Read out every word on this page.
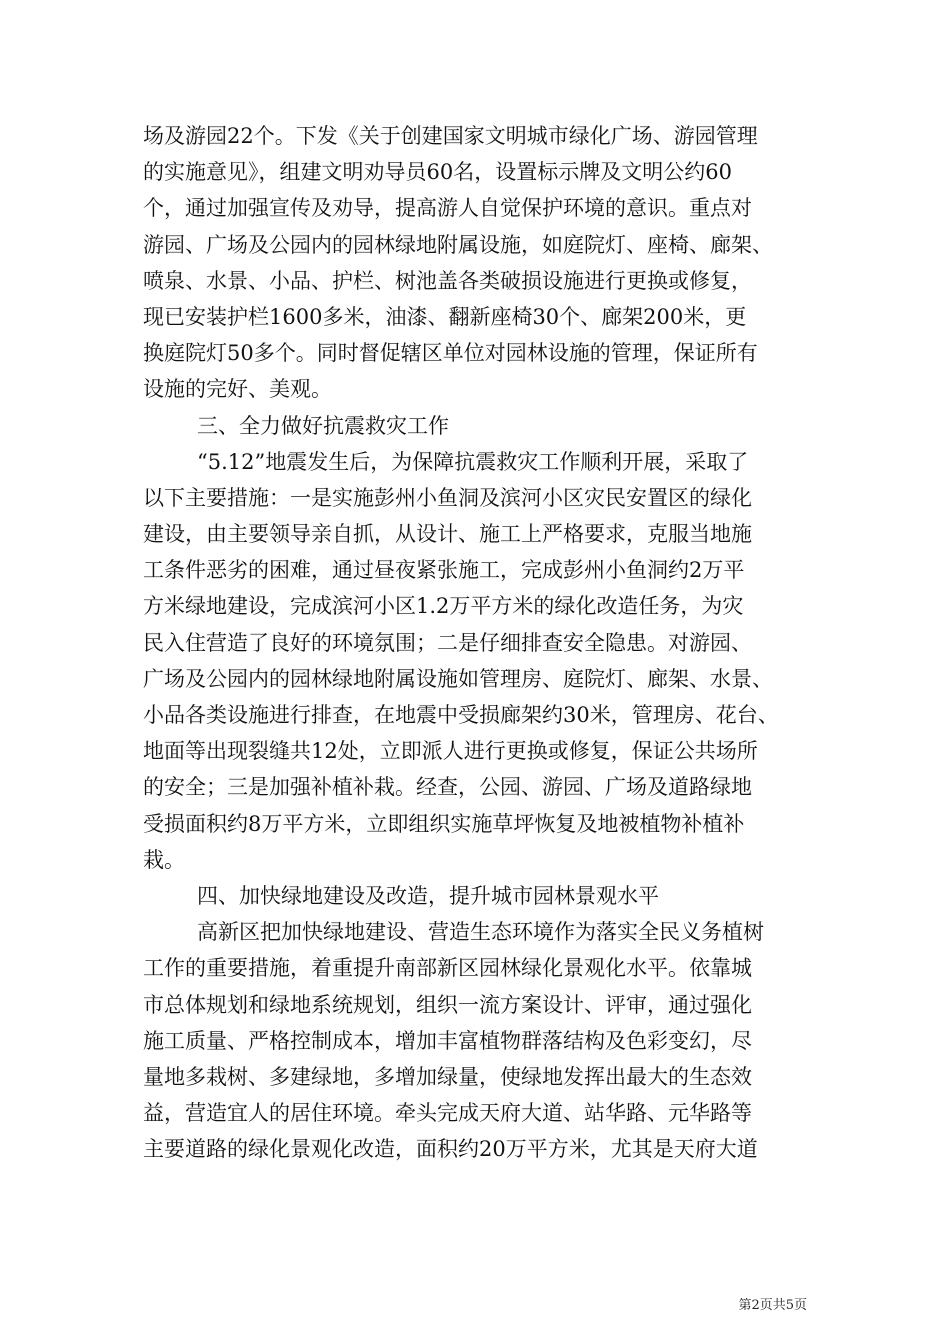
场及游园22个。下发《关于创建国家文明城市绿化广场、游园管理
的实施意见》，组建文明劝导员60名，设置标示牌及文明公约60
个，通过加强宣传及劝导，提高游人自觉保护环境的意识。重点对
游园、广场及公园内的园林绿地附属设施，如庭院灯、座椅、廊架、
喷泉、水景、小品、护栏、树池盖各类破损设施进行更换或修复，
现已安装护栏1600多米，油漆、翻新座椅30个、廊架200米，更
换庭院灯50多个。同时督促辖区单位对园林设施的管理，保证所有
设施的完好、美观。
三、全力做好抗震救灾工作
“5.12”地震发生后，为保障抗震救灾工作顺利开展，采取了
以下主要措施：一是实施彭州小鱼洞及滨河小区灾民安置区的绿化
建设，由主要领导亲自抓，从设计、施工上严格要求，克服当地施
工条件恶劣的困难，通过昼夜紧张施工，完成彭州小鱼洞约2万平
方米绿地建设，完成滨河小区1.2万平方米的绿化改造任务，为灾
民入住营造了良好的环境氛围；二是仔细排查安全隐患。对游园、
广场及公园内的园林绿地附属设施如管理房、庭院灯、廊架、水景、
小品各类设施进行排查，在地震中受损廊架约30米，管理房、花台、
地面等出现裂缝共12处，立即派人进行更换或修复，保证公共场所
的安全；三是加强补植补栽。经查，公园、游园、广场及道路绿地
受损面积约8万平方米，立即组织实施草坪恢复及地被植物补植补
栽。
四、加快绿地建设及改造，提升城市园林景观水平
高新区把加快绿地建设、营造生态环境作为落实全民义务植树
工作的重要措施，着重提升南部新区园林绿化景观化水平。依靠城
市总体规划和绿地系统规划，组织一流方案设计、评审，通过强化
施工质量、严格控制成本，增加丰富植物群落结构及色彩变幻，尽
量地多栽树、多建绿地，多增加绿量，使绿地发挥出最大的生态效
益，营造宜人的居住环境。牵头完成天府大道、站华路、元华路等
主要道路的绿化景观化改造，面积约20万平方米，尤其是天府大道
第2页共5页
